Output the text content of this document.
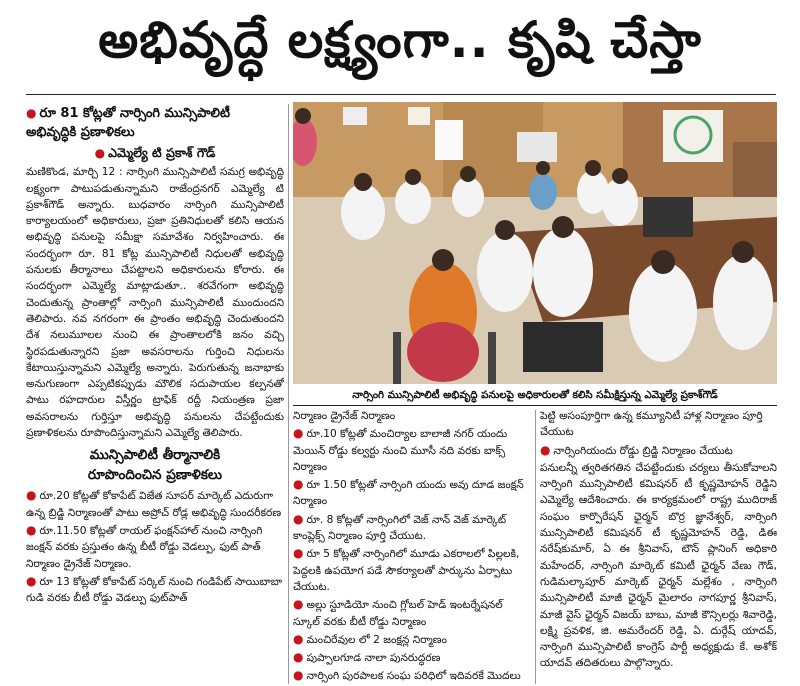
అభివృద్ధే లక్ష్యంగా.. కృషి చేస్తా
● రూ 81 కోట్లతో నార్సింగి మున్సిపాలిటీ అభివృద్ధికి ప్రణాళికలు
● ఎమ్మెల్యే టి ప్రకాశ్ గౌడ్

మణికొండ, మార్చి 12 : నార్సింగి మున్సిపాలిటీ సమగ్ర అభివృద్ధి లక్ష్యంగా పాటుపడుతున్నామని రాజేంద్రనగర్ ఎమ్మెల్యే టి ప్రకాశ్‌గౌడ్ అన్నారు. బుధవారం నార్సింగి మున్సిపాలిటీ కార్యాలయంలో అధికారులు, ప్రజా ప్రతినిధులతో కలిసి ఆయన అభివృద్ధి పనులపై సమీక్షా సమావేశం నిర్వహించారు. ఈ సందర్భంగా రూ. 81 కోట్ల మున్సిపాలిటీ నిధులతో అభివృద్ధి పనులకు తీర్మానాలు చేపట్టాలని అధికారులను కోరారు. ఈ సందర్భంగా ఎమ్మెల్యే మాట్లాడుతూ.. శరవేగంగా అభివృద్ధి చెందుతున్న ప్రాంతాల్లో నార్సింగి మున్సిపాలిటీ ముందుందని తెలిపారు. నవ నగరంగా ఈ ప్రాంతం అభివృద్ధి చెందుతుందని దేశ నలుమూలల నుంచి ఈ ప్రాంతాలలోకి జనం వచ్చి స్థిరపడుతున్నారని ప్రజా అవసరాలను గుర్తించి నిధులను కేటాయిస్తున్నామని ఎమ్మెల్యే అన్నారు. పెరుగుతున్న జనాభాకు అనుగుణంగా ఎప్పటికప్పుడు మౌలిక సదుపాయల కల్పనతో పాటు రహదారుల విస్తీర్ణం ట్రాఫిక్ రద్దీ నియంత్రణ ప్రజా అవసరాలను గుర్తిస్తూ అభివృద్ధి పనులను చేపట్టేందుకు ప్రణాళికలను రూపొందిస్తున్నామని ఎమ్మెల్యే తెలిపారు.

మున్సిపాలిటీ తీర్మానాలికి
రూపొందించిన ప్రణాళికలు
● రూ.20 కోట్లతో కోకాపేట్ విజేత సూపర్ మార్కెట్ ఎదురుగా ఉన్న బ్రిడ్జి నిర్మాణంతో పాటు అప్రోచ్ రోడ్ల అభివృద్ధి సుందరీకరణ
● రూ.11.50 కోట్లతో రాయల్ ఫంక్షన్‌హాల్ నుంచి నార్సింగి జంక్షన్ వరకు ప్రస్తుతం ఉన్న బీటీ రోడ్డు వెడల్పు, ఫుట్ పాత్ నిర్మాణం డ్రైనేజ్ నిర్మాణం.
● రూ 13 కోట్లతో కోకాపేట్ సర్కిల్ నుంచి గండిపేట్ సాయిబాబా గుడి వరకు బీటీ రోడ్డు వెడల్పు ఫుట్‌పాత్
నార్సింగి మున్సిపాలిటీ అభివృద్ధి పనులపై అధికారులతో కలిసి సమీక్షిస్తున్న ఎమ్మెల్యే ప్రకాశ్‌గౌడ్
నిర్మాణం డ్రైనేజ్ నిర్మాణం
● రూ.10 కోట్లతో మంచిర్యాల బాలాజీ నగర్ యందు మెయిన్ రోడ్డు కల్వర్టు నుంచి మూసీ నది వరకు బాక్స్ నిర్మాణం
● రూ 1.50 కోట్లతో నార్సింగి యందు అవు దూడ జంక్షన్ నిర్మాణం
● రూ. 8 కోట్లతో నార్సింగిలో వెజ్ నాన్ వెజ్ మార్కెట్ కాంప్లెక్స్ నిర్మాణం పూర్తి చేయుట.
● రూ 5 కోట్లతో నార్సింగిలో మూడు ఎకరాలలో పిల్లలకి, పెద్దలకి ఉపయోగ పడే సౌకర్యాలతో పార్కును ఏర్పాటు చేయుట.
● అల్లు స్టూడియో నుంచి గ్లోబల్ హెడ్ ఇంటర్నేషనల్ స్కూల్ వరకు బీటీ రోడ్డు నిర్మాణం
● మంచిరేవుల లో 2 జంక్షన్ల నిర్మాణం
● పుప్పాలగూడ నాలా పునరుద్ధరణ
● నార్సింగి పురపాలక సంఘ పరిధిలో ఇదివరకే మొదలు
పెట్టి అసంపూర్తిగా ఉన్న కమ్యూనిటీ హాళ్ల నిర్మాణం పూర్తి చేయుట
● నార్సింగియందు రోడ్డు బ్రిడ్జి నిర్మాణం చేయుట

పనులన్నీ త్వరితగతిన చేపట్టేందుకు చర్యలు తీసుకోవాలని నార్సింగి మున్సిపాలిటీ కమిషనర్ టీ కృష్ణమోహన్ రెడ్డిని ఎమ్మెల్యే ఆదేశించారు. ఈ కార్యక్రమంలో రాష్ట్ర ముదిరాజ్ సంఘం కార్పొరేషన్ ఛైర్మన్ బొర్ర జ్ఞానేశ్వర్, నార్సింగి మున్సిపాలిటీ కమిషనర్ టీ కృష్ణమోహన్ రెడ్డి, డిఈ నరేష్‌కుమార్, ఏ ఈ శ్రీనివాస్, టౌన్ ప్లానింగ్ అధికారి మహేందర్, నార్సింగి మార్కెట్ కమిటీ ఛైర్మన్ వేణు గౌడ్, గుడిమల్కాపూర్ మార్కెట్ ఛైర్మన్ మల్లేశం , నార్సింగి మున్సిపాలిటీ మాజీ ఛైర్మన్ మైలారం నాగపూర్ణ శ్రీనివాస్, మాజీ వైస్ ఛైర్మన్ విజయ్ బాబు, మాజీ కౌన్సిలర్లు శివారెడ్డి, లక్ష్మి ప్రవళిక, జి. అమరేందర్ రెడ్డి, ఏ. దుర్గేష్ యాదవ్, నార్సింగి మున్సిపాలిటీ కాంగ్రెస్ పార్టీ అధ్యక్షుడు కే. అశోక్ యాదవ్ తదితరులు పాల్గొన్నారు.
